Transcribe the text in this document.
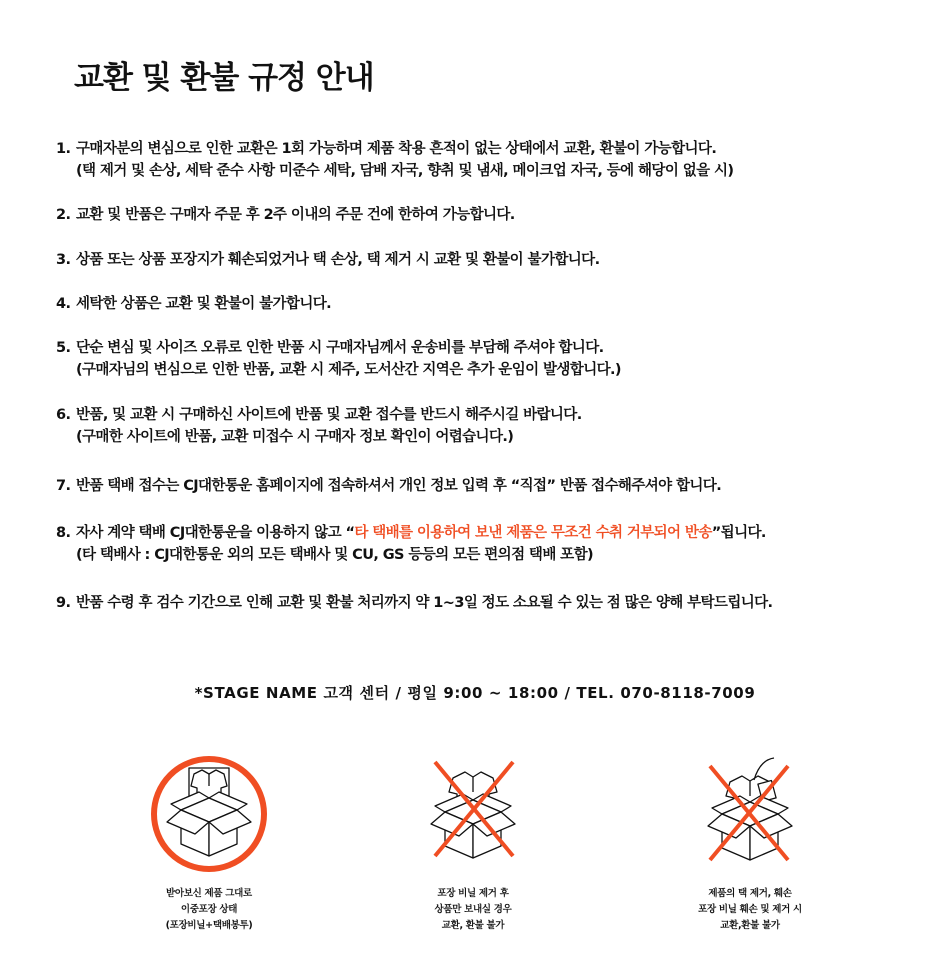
교환 및 환불 규정 안내
1. 구매자분의 변심으로 인한 교환은 1회 가능하며 제품 착용 흔적이 없는 상태에서 교환, 환불이 가능합니다.
(택 제거 및 손상, 세탁 준수 사항 미준수 세탁, 담배 자국, 향취 및 냄새, 메이크업 자국, 등에 해당이 없을 시)
2. 교환 및 반품은 구매자 주문 후 2주 이내의 주문 건에 한하여 가능합니다.
3. 상품 또는 상품 포장지가 훼손되었거나 택 손상, 택 제거 시 교환 및 환불이 불가합니다.
4. 세탁한 상품은 교환 및 환불이 불가합니다.
5. 단순 변심 및 사이즈 오류로 인한 반품 시 구매자님께서 운송비를 부담해 주셔야 합니다.
(구매자님의 변심으로 인한 반품, 교환 시 제주, 도서산간 지역은 추가 운임이 발생합니다.)
6. 반품, 및 교환 시 구매하신 사이트에 반품 및 교환 접수를 반드시 해주시길 바랍니다.
(구매한 사이트에 반품, 교환 미접수 시 구매자 정보 확인이 어렵습니다.)
7. 반품 택배 접수는 CJ대한통운 홈페이지에 접속하셔서 개인 정보 입력 후 “직접” 반품 접수해주셔야 합니다.
8. 자사 계약 택배 CJ대한통운을 이용하지 않고 “타 택배를 이용하여 보낸 제품은 무조건 수취 거부되어 반송”됩니다.
(타 택배사 : CJ대한통운 외의 모든 택배사 및 CU, GS 등등의 모든 편의점 택배 포함)
9. 반품 수령 후 검수 기간으로 인해 교환 및 환불 처리까지 약 1~3일 정도 소요될 수 있는 점 많은 양해 부탁드립니다.
*STAGE NAME 고객 센터 / 평일 9:00 ~ 18:00 / TEL. 070-8118-7009
받아보신 제품 그대로
이중포장 상태
(포장비닐+택배봉투)
포장 비닐 제거 후
상품만 보내실 경우
교환, 환불 불가
제품의 택 제거, 훼손
포장 비닐 훼손 및 제거 시
교환,환불 불가
